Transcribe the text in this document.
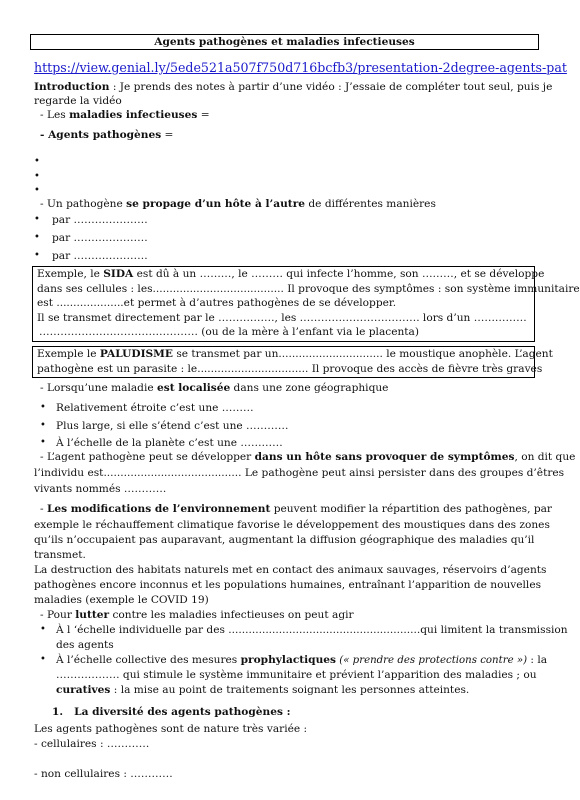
Agents pathogènes et maladies infectieuses
https://view.genial.ly/5ede521a507f750d716bcfb3/presentation-2degree-agents-pat
Introduction : Je prends des notes à partir d’une vidéo : J’essaie de compléter tout seul, puis je
regarde la vidéo
- Les maladies infectieuses =
- Agents pathogènes =
•
•
•
- Un pathogène se propage d’un hôte à l’autre de différentes manières
• par …………………
• par …………………
• par …………………
Exemple, le SIDA est dû à un ………, le ……… qui infecte l’homme, son ………, et se développe
dans ses cellules : les....................................... Il provoque des symptômes : son système immunitaire
est ....................et permet à d’autres pathogènes de se développer.
Il se transmet directement par le ……………., les ……………………………. lors d’un ……………
……………………………………… (ou de la mère à l’enfant via le placenta)
Exemple le PALUDISME se transmet par un............................... le moustique anophèle. L’agent
pathogène est un parasite : le................................. Il provoque des accès de fièvre très graves
- Lorsqu’une maladie est localisée dans une zone géographique
• Relativement étroite c’est une ………
• Plus large, si elle s’étend c’est une …………
• À l’échelle de la planète c’est une …………
- L’agent pathogène peut se développer dans un hôte sans provoquer de symptômes, on dit que
l’individu est......................................... Le pathogène peut ainsi persister dans des groupes d’êtres
vivants nommés …………
- Les modifications de l’environnement peuvent modifier la répartition des pathogènes, par
exemple le réchauffement climatique favorise le développement des moustiques dans des zones
qu’ils n’occupaient pas auparavant, augmentant la diffusion géographique des maladies qu’il
transmet.
La destruction des habitats naturels met en contact des animaux sauvages, réservoirs d’agents
pathogènes encore inconnus et les populations humaines, entraînant l’apparition de nouvelles
maladies (exemple le COVID 19)
- Pour lutter contre les maladies infectieuses on peut agir
• À l ‘échelle individuelle par des .........................................................qui limitent la transmission
des agents
• À l’échelle collective des mesures prophylactiques (« prendre des protections contre ») : la
……………… qui stimule le système immunitaire et prévient l’apparition des maladies ; ou
curatives : la mise au point de traitements soignant les personnes atteintes.
1. La diversité des agents pathogènes :
Les agents pathogènes sont de nature très variée :
- cellulaires : …………
- non cellulaires : …………
